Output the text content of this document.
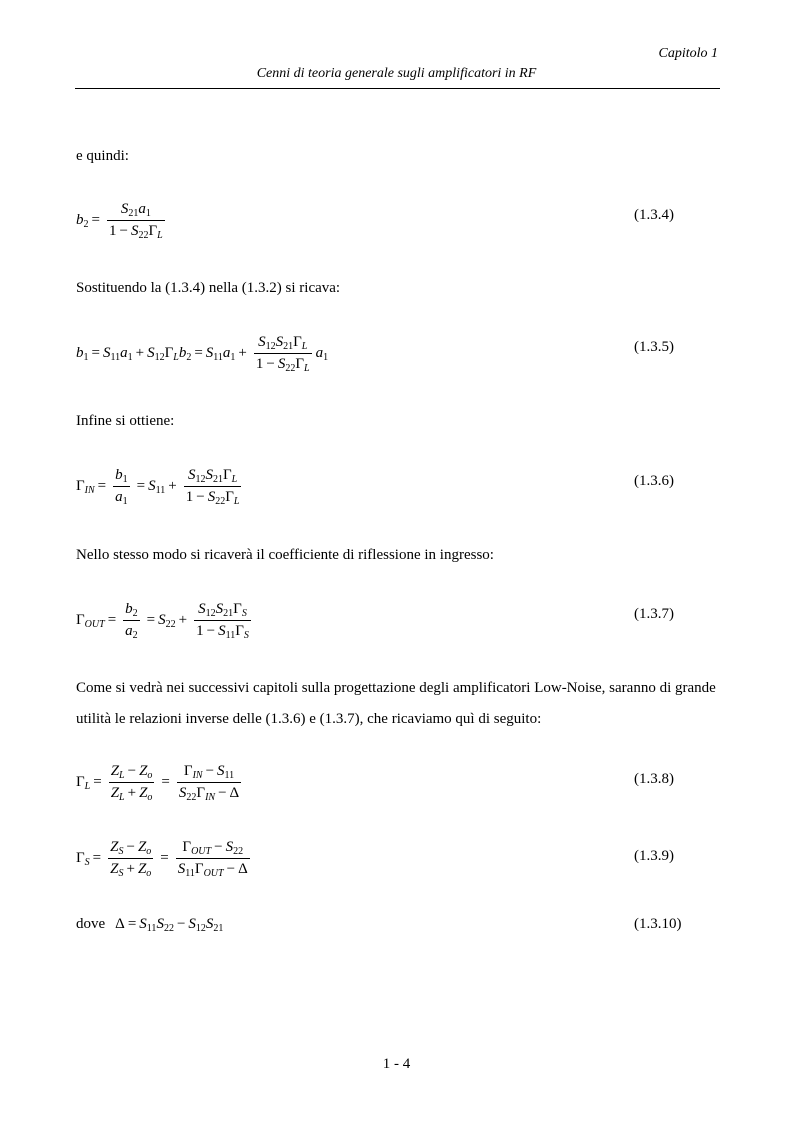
Capitolo 1
Cenni di teoria generale sugli amplificatori in RF
e quindi:
$b_2 = \frac{S_{21}a_1}{1 - S_{22}\Gamma_L}$	(1.3.4)
Sostituendo la (1.3.4) nella (1.3.2) si ricava:
$b_1 = S_{11}a_1 + S_{12}\Gamma_Lb_2 = S_{11}a_1 + \frac{S_{12}S_{21}\Gamma_L}{1 - S_{22}\Gamma_L} a_1$
(1.3.5)
Infine si ottiene:
$\Gamma_{IN} = \frac{b_1}{a_1} = S_{11} + \frac{S_{12}S_{21}\Gamma_L}{1 - S_{22}\Gamma_L}$	(1.3.6)
Nello stesso modo si ricaverà il coefficiente di riflessione in ingresso:
$\Gamma_{OUT} = \frac{b_2}{a_2} = S_{22} + \frac{S_{12}S_{21}\Gamma_S}{1 - S_{11}\Gamma_S}$	(1.3.7)
Come si vedrà nei successivi capitoli sulla progettazione degli amplificatori Low-Noise, saranno di grande utilità le relazioni inverse delle (1.3.6) e (1.3.7), che ricaviamo quì di seguito:
$\Gamma_L = \frac{Z_L - Z_o}{Z_L + Z_o} = \frac{\Gamma_{IN} - S_{11}}{S_{22}\Gamma_{IN} - \Delta}$	(1.3.8)
$\Gamma_S = \frac{Z_S - Z_o}{Z_S + Z_o} = \frac{\Gamma_{OUT} - S_{22}}{S_{11}\Gamma_{OUT} - \Delta}$	(1.3.9)
dove $\Delta = S_{11}S_{22} - S_{12}S_{21}$	(1.3.10)
1 - 4
